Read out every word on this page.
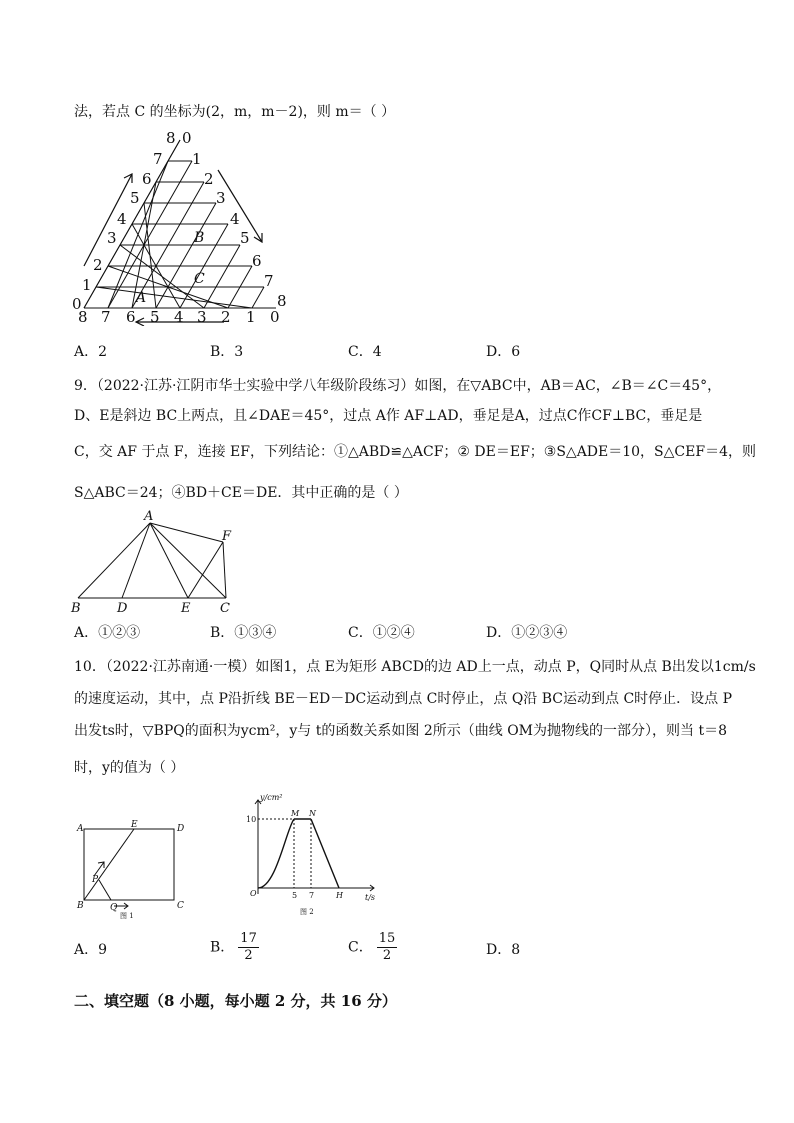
法，若点 C 的坐标为(2，m，m－2)，则 m＝（ ）
8 0
0
1
2
3
4
5
6
7 1
2
3
4
5
6
7
8
8 7 6 5 4 3 2 1 0
A
B
C
A．2	B．3	C．4	D．6
9．（2022·江苏·江阴市华士实验中学八年级阶段练习）如图，在▽ABC中，AB＝AC，∠B＝∠C＝45°，
D、E是斜边 BC上两点，且∠DAE＝45°，过点 A作 AF⊥AD，垂足是A，过点C作CF⊥BC，垂足是
C，交 AF 于点 F，连接 EF，下列结论：①△ABD≌△ACF；② DE＝EF；③S△ADE＝10，S△CEF＝4，则
S△ABC＝24；④BD＋CE＝DE．其中正确的是（ ）
A
B	D	E C
F
A．①②③	B．①③④	C．①②④	D．①②③④
10．（2022·江苏南通·一模）如图1，点 E为矩形 ABCD的边 AD上一点，动点 P，Q同时从点 B出发以1cm/s
的速度运动，其中，点 P沿折线 BE－ED－DC运动到点 C时停止，点 Q沿 BC运动到点 C时停止．设点 P
出发ts时，▽BPQ的面积为ycm²，y与 t的函数关系如图 2所示（曲线 OM为抛物线的一部分），则当 t＝8
时，y的值为（ ）
A	E	D
B	C
P
Q
图 1
y/cm²
t/s
10
5 7
O
M N
H
图 2
A．9	B． $\frac{17}{2}$	C． $\frac{15}{2}$	D．8
二、填空题（8 小题，每小题 2 分，共 16 分）
